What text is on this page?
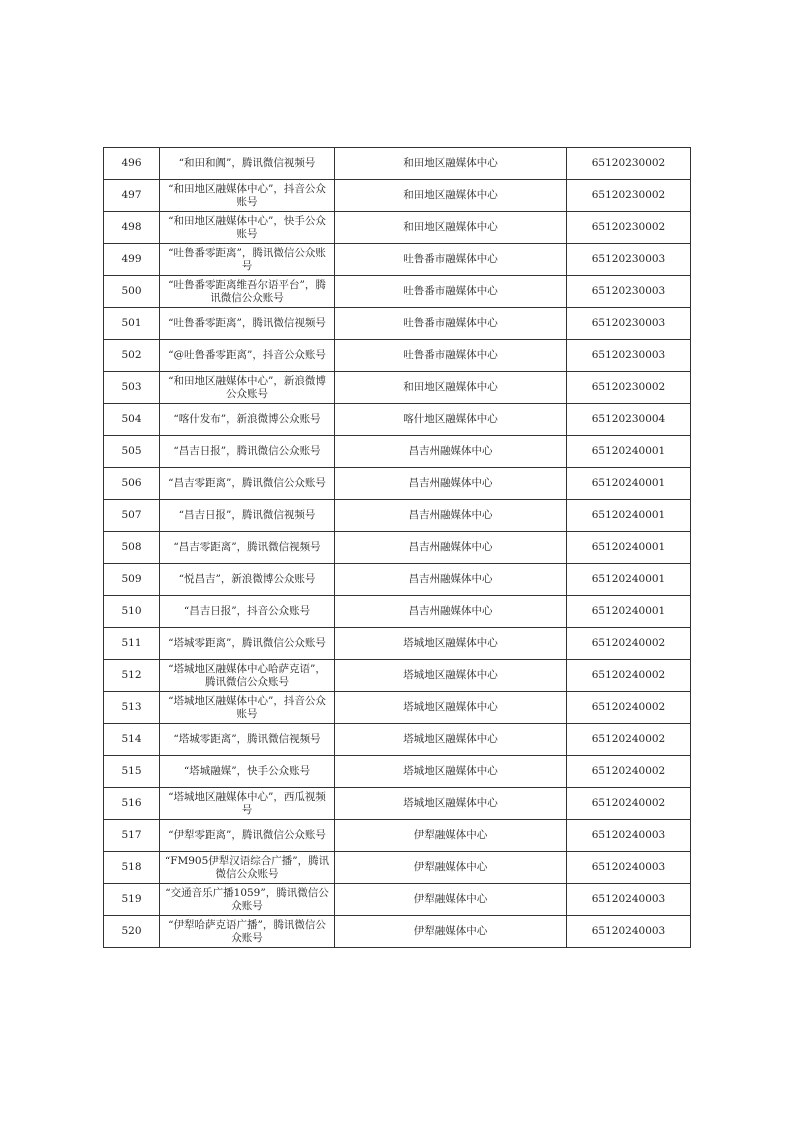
496	“和田和阗”，腾讯微信视频号	和田地区融媒体中心	65120230002
497	“和田地区融媒体中心”，抖音公众账号	和田地区融媒体中心	65120230002
498	“和田地区融媒体中心”，快手公众账号	和田地区融媒体中心	65120230002
499	“吐鲁番零距离”，腾讯微信公众账号	吐鲁番市融媒体中心	65120230003
500	“吐鲁番零距离维吾尔语平台”，腾讯微信公众账号	吐鲁番市融媒体中心	65120230003
501	“吐鲁番零距离”，腾讯微信视频号	吐鲁番市融媒体中心	65120230003
502	“@吐鲁番零距离”，抖音公众账号	吐鲁番市融媒体中心	65120230003
503	“和田地区融媒体中心”，新浪微博公众账号	和田地区融媒体中心	65120230002
504	“喀什发布”，新浪微博公众账号	喀什地区融媒体中心	65120230004
505	“昌吉日报”，腾讯微信公众账号	昌吉州融媒体中心	65120240001
506	“昌吉零距离”，腾讯微信公众账号	昌吉州融媒体中心	65120240001
507	“昌吉日报”，腾讯微信视频号	昌吉州融媒体中心	65120240001
508	“昌吉零距离”，腾讯微信视频号	昌吉州融媒体中心	65120240001
509	“悦昌吉”，新浪微博公众账号	昌吉州融媒体中心	65120240001
510	“昌吉日报”，抖音公众账号	昌吉州融媒体中心	65120240001
511	“塔城零距离”，腾讯微信公众账号	塔城地区融媒体中心	65120240002
512	“塔城地区融媒体中心哈萨克语”，腾讯微信公众账号	塔城地区融媒体中心	65120240002
513	“塔城地区融媒体中心”，抖音公众账号	塔城地区融媒体中心	65120240002
514	“塔城零距离”，腾讯微信视频号	塔城地区融媒体中心	65120240002
515	“塔城融媒”，快手公众账号	塔城地区融媒体中心	65120240002
516	“塔城地区融媒体中心”，西瓜视频号	塔城地区融媒体中心	65120240002
517	“伊犁零距离”，腾讯微信公众账号	伊犁融媒体中心	65120240003
518	“FM905伊犁汉语综合广播”，腾讯微信公众账号	伊犁融媒体中心	65120240003
519	“交通音乐广播1059”，腾讯微信公众账号	伊犁融媒体中心	65120240003
520	“伊犁哈萨克语广播”，腾讯微信公众账号	伊犁融媒体中心	65120240003
